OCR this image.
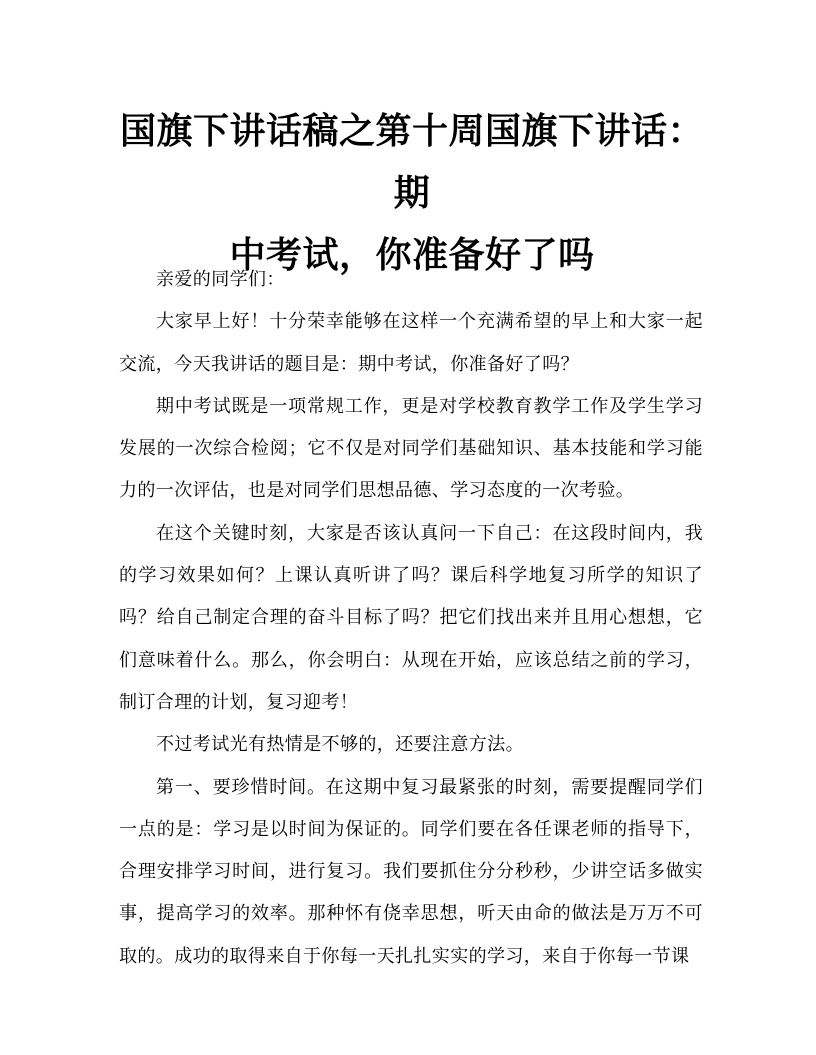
国旗下讲话稿之第十周国旗下讲话：期
中考试，你准备好了吗

亲爱的同学们：

大家早上好！十分荣幸能够在这样一个充满希望的早上和大家一起交流，今天我讲话的题目是：期中考试，你准备好了吗？

期中考试既是一项常规工作，更是对学校教育教学工作及学生学习发展的一次综合检阅；它不仅是对同学们基础知识、基本技能和学习能力的一次评估，也是对同学们思想品德、学习态度的一次考验。

在这个关键时刻，大家是否该认真问一下自己：在这段时间内，我的学习效果如何？上课认真听讲了吗？课后科学地复习所学的知识了吗？给自己制定合理的奋斗目标了吗？把它们找出来并且用心想想，它们意味着什么。那么，你会明白：从现在开始，应该总结之前的学习，制订合理的计划，复习迎考！

不过考试光有热情是不够的，还要注意方法。

第一、要珍惜时间。在这期中复习最紧张的时刻，需要提醒同学们一点的是：学习是以时间为保证的。同学们要在各任课老师的指导下，合理安排学习时间，进行复习。我们要抓住分分秒秒，少讲空话多做实事，提高学习的效率。那种怀有侥幸思想，听天由命的做法是万万不可取的。成功的取得来自于你每一天扎扎实实的学习，来自于你每一节课
